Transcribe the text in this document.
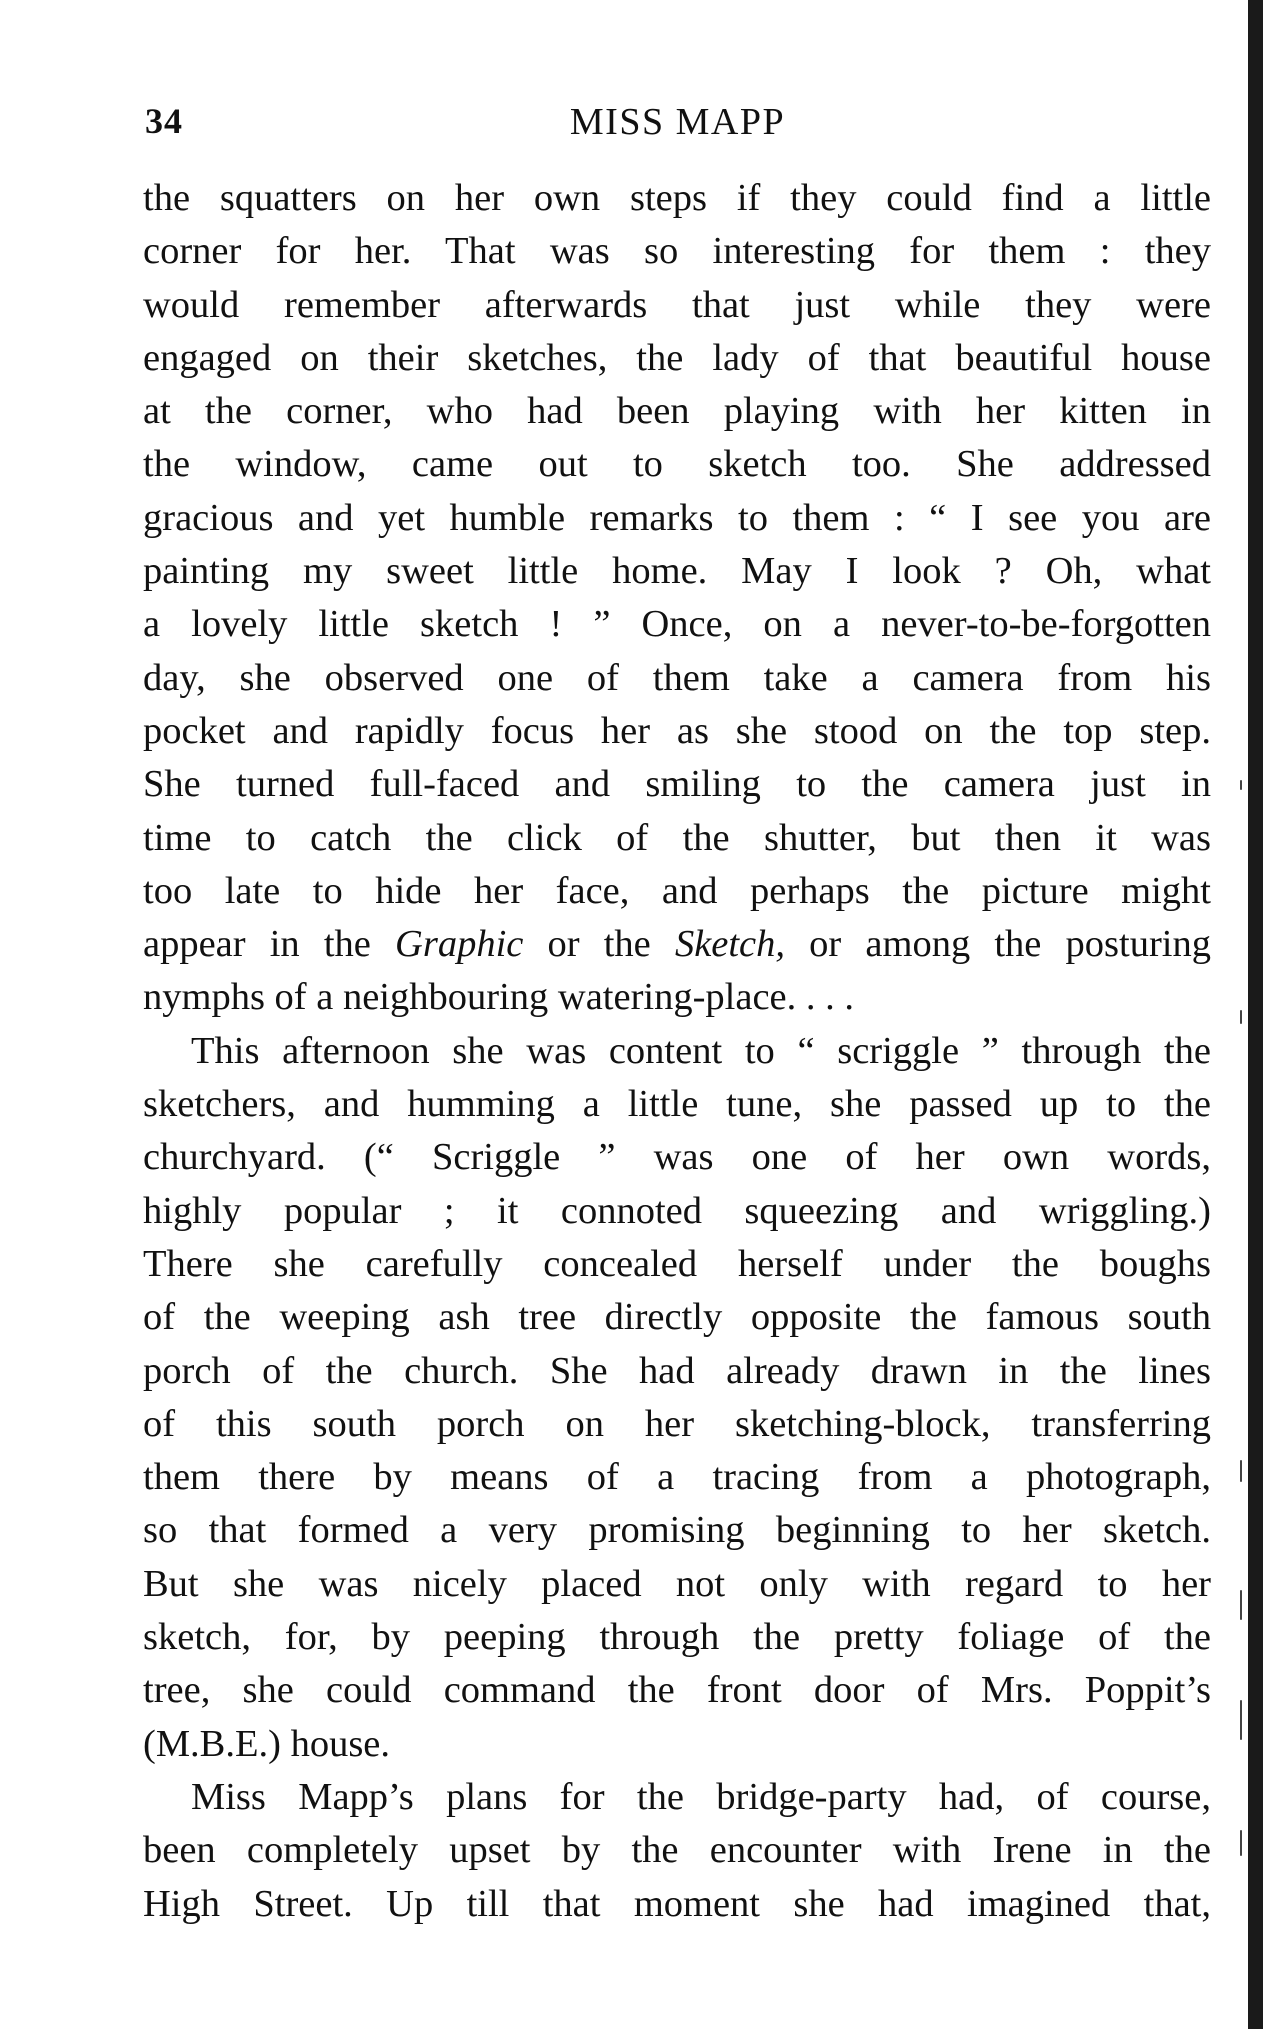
34	MISS MAPP

the squatters on her own steps if they could find a little
corner for her. That was so interesting for them : they
would remember afterwards that just while they were
engaged on their sketches, the lady of that beautiful house
at the corner, who had been playing with her kitten in
the window, came out to sketch too. She addressed
gracious and yet humble remarks to them : “ I see you are
painting my sweet little home. May I look ? Oh, what
a lovely little sketch ! ” Once, on a never-to-be-forgotten
day, she observed one of them take a camera from his
pocket and rapidly focus her as she stood on the top step.
She turned full-faced and smiling to the camera just in
time to catch the click of the shutter, but then it was
too late to hide her face, and perhaps the picture might
appear in the Graphic or the Sketch, or among the posturing
nymphs of a neighbouring watering-place. . . .

This afternoon she was content to “ scriggle ” through the
sketchers, and humming a little tune, she passed up to the
churchyard. (“ Scriggle ” was one of her own words,
highly popular ; it connoted squeezing and wriggling.)
There she carefully concealed herself under the boughs
of the weeping ash tree directly opposite the famous south
porch of the church. She had already drawn in the lines
of this south porch on her sketching-block, transferring
them there by means of a tracing from a photograph,
so that formed a very promising beginning to her sketch.
But she was nicely placed not only with regard to her
sketch, for, by peeping through the pretty foliage of the
tree, she could command the front door of Mrs. Poppit’s
(M.B.E.) house.

Miss Mapp’s plans for the bridge-party had, of course,
been completely upset by the encounter with Irene in the
High Street. Up till that moment she had imagined that,
